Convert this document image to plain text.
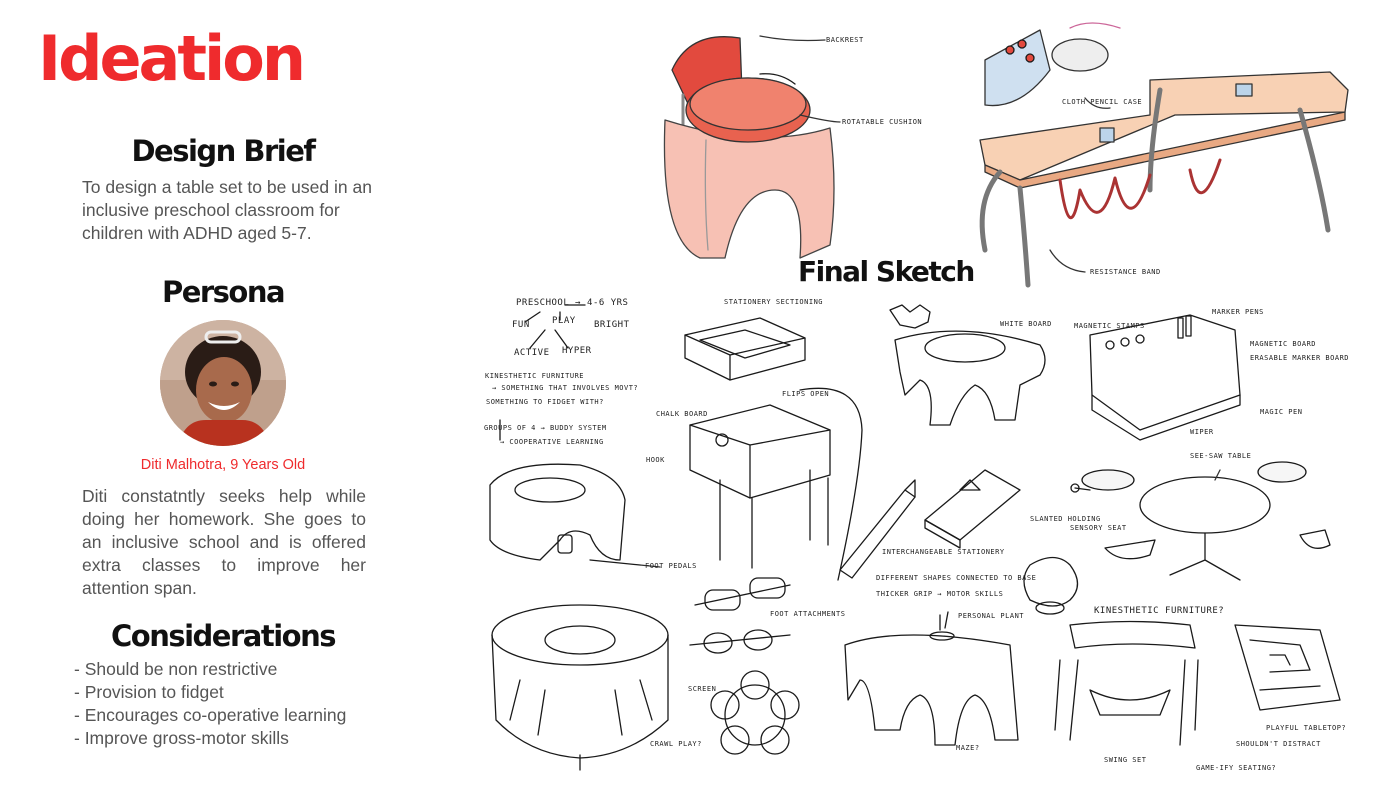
Ideation
Design Brief

To design a table set to be used in an inclusive preschool classroom for children with ADHD aged 5-7.

Persona
Diti Malhotra, 9 Years Old

Diti constatntly seeks help while doing her homework. She goes to an inclusive school and is offered extra classes to improve her attention span.

Considerations
- Should be non restrictive
- Provision to fidget
- Encourages co-operative learning
- Improve gross-motor skills
BACKREST
ROTATABLE CUSHION
RESISTANCE BAND
CLOTH PENCIL CASE
PRESCHOOL → 4-6 YRS
FUN PLAY BRIGHT
ACTIVE HYPER
KINESTHETIC FURNITURE
→ SOMETHING THAT INVOLVES MOVT?
SOMETHING TO FIDGET WITH?
GROUPS OF 4 → BUDDY SYSTEM
→ COOPERATIVE LEARNING
STATIONERY SECTIONING
FLIPS OPEN
CHALK BOARD
HOOK
FOOT PEDALS
WHITE BOARD	MAGNETIC STAMPS
MARKER PENS
MAGNETIC BOARD
ERASABLE MARKER BOARD
MAGIC PEN
WIPER
SEE-SAW TABLE
SENSORY SEAT
SLANTED HOLDING
INTERCHANGEABLE STATIONERY
DIFFERENT SHAPES CONNECTED TO BASE
THICKER GRIP → MOTOR SKILLS
FOOT ATTACHMENTS
SCREEN
CRAWL PLAY?
PERSONAL PLANT
MAZE?
KINESTHETIC FURNITURE?
PLAYFUL TABLETOP?
SHOULDN'T DISTRACT
SWING SET
GAME-IFY SEATING?
Final Sketch
